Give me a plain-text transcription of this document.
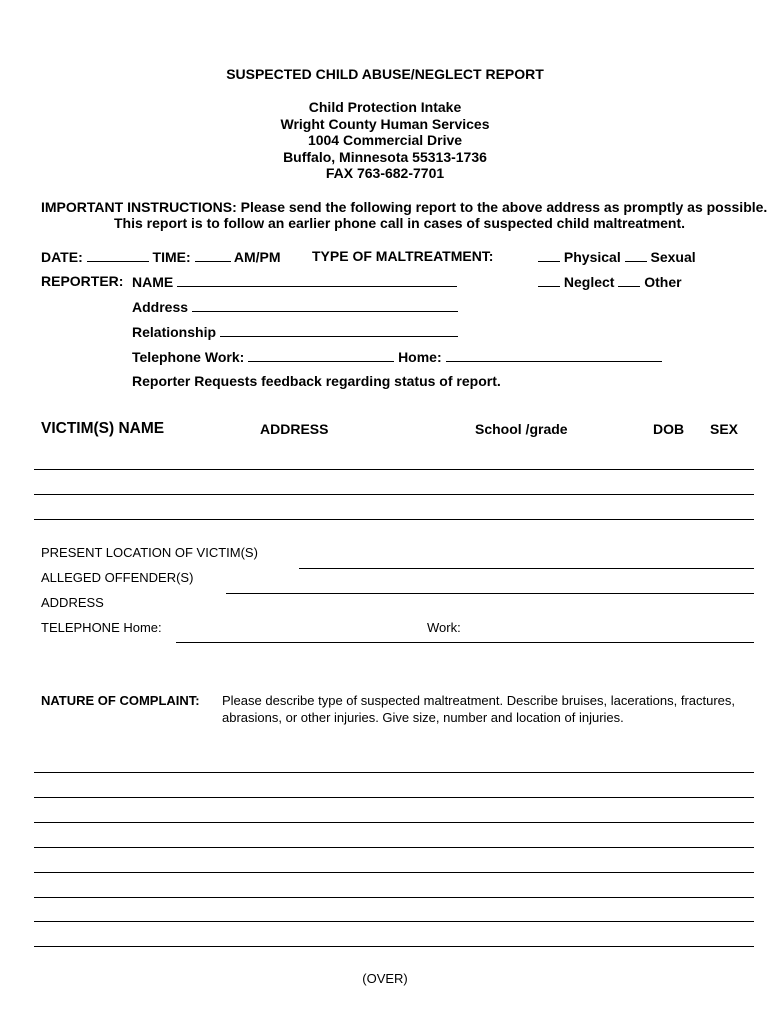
SUSPECTED CHILD ABUSE/NEGLECT REPORT
Child Protection Intake
Wright County Human Services
1004 Commercial Drive
Buffalo, Minnesota 55313-1736
FAX 763-682-7701
IMPORTANT INSTRUCTIONS: Please send the following report to the above address as promptly as possible.
This report is to follow an earlier phone call in cases of suspected child maltreatment.
DATE:	TIME:	AM/PM TYPE OF MALTREATMENT:	Physical Sexual
REPORTER: NAME	Neglect Other
Address
Relationship
Telephone Work:	Home:
Reporter Requests feedback regarding status of report.
VICTIM(S) NAME	ADDRESS	School /grade	DOB SEX
PRESENT LOCATION OF VICTIM(S)
ALLEGED OFFENDER(S)
ADDRESS
TELEPHONE Home:	Work:
NATURE OF COMPLAINT: Please describe type of suspected maltreatment. Describe bruises, lacerations, fractures,
abrasions, or other injuries. Give size, number and location of injuries.
(OVER)
